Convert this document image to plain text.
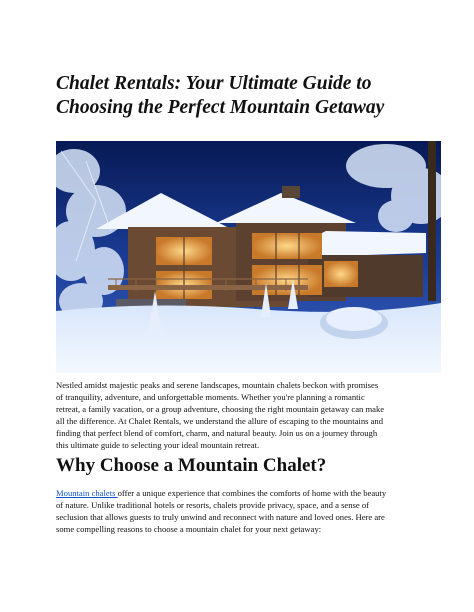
Chalet Rentals: Your Ultimate Guide to
Choosing the Perfect Mountain Getaway

Nestled amidst majestic peaks and serene landscapes, mountain chalets beckon with promises
of tranquility, adventure, and unforgettable moments. Whether you're planning a romantic
retreat, a family vacation, or a group adventure, choosing the right mountain getaway can make
all the difference. At Chalet Rentals, we understand the allure of escaping to the mountains and
finding that perfect blend of comfort, charm, and natural beauty. Join us on a journey through
this ultimate guide to selecting your ideal mountain retreat.

Why Choose a Mountain Chalet?

Mountain chalets offer a unique experience that combines the comforts of home with the beauty
of nature. Unlike traditional hotels or resorts, chalets provide privacy, space, and a sense of
seclusion that allows guests to truly unwind and reconnect with nature and loved ones. Here are
some compelling reasons to choose a mountain chalet for your next getaway:
